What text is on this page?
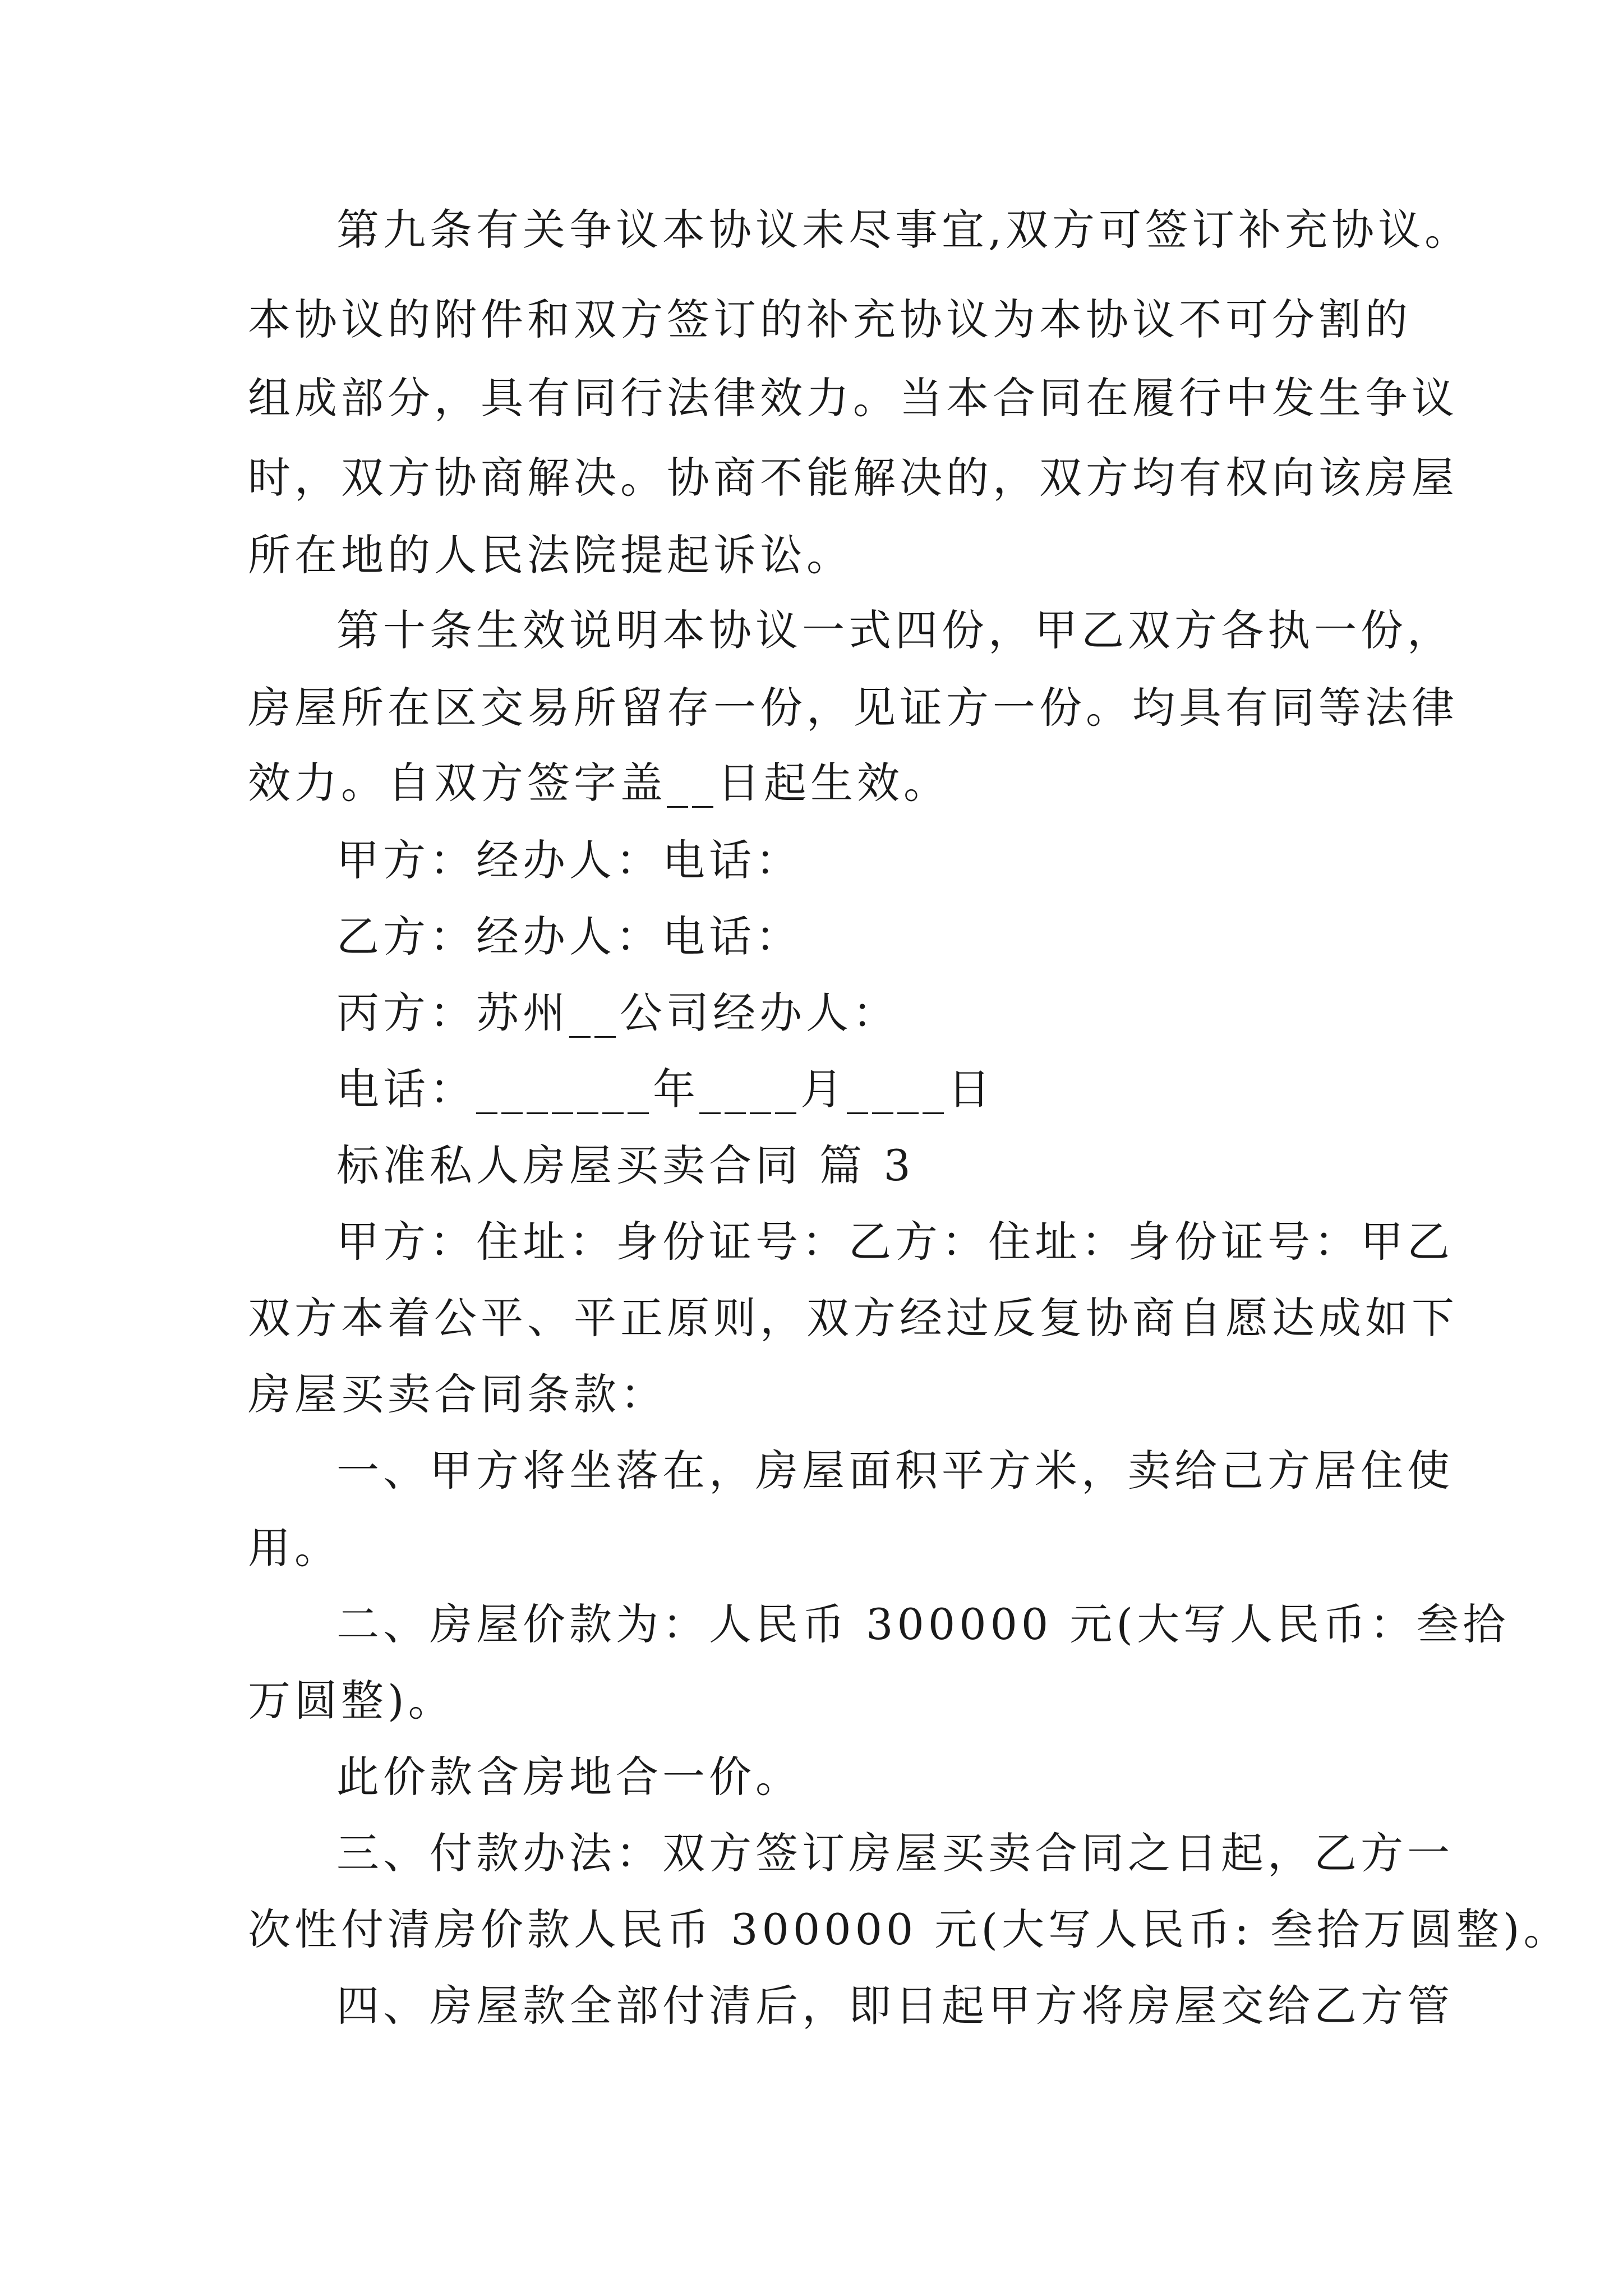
第九条有关争议本协议未尽事宜,双方可签订补充协议。
本协议的附件和双方签订的补充协议为本协议不可分割的
组成部分，具有同行法律效力。当本合同在履行中发生争议
时，双方协商解决。协商不能解决的，双方均有权向该房屋
所在地的人民法院提起诉讼。
第十条生效说明本协议一式四份，甲乙双方各执一份，
房屋所在区交易所留存一份，见证方一份。均具有同等法律
效力。自双方签字盖__日起生效。
甲方：经办人：电话：
乙方：经办人：电话：
丙方：苏州__公司经办人：
电话：_______年____月____日
标准私人房屋买卖合同 篇 3
甲方：住址：身份证号：乙方：住址：身份证号：甲乙
双方本着公平、平正原则，双方经过反复协商自愿达成如下
房屋买卖合同条款：
一、甲方将坐落在，房屋面积平方米，卖给己方居住使
用。
二、房屋价款为：人民币 300000 元(大写人民币：叁拾
万圆整)。
此价款含房地合一价。
三、付款办法：双方签订房屋买卖合同之日起，乙方一
次性付清房价款人民币 300000 元(大写人民币: 叁拾万圆整)。
四、房屋款全部付清后，即日起甲方将房屋交给乙方管
